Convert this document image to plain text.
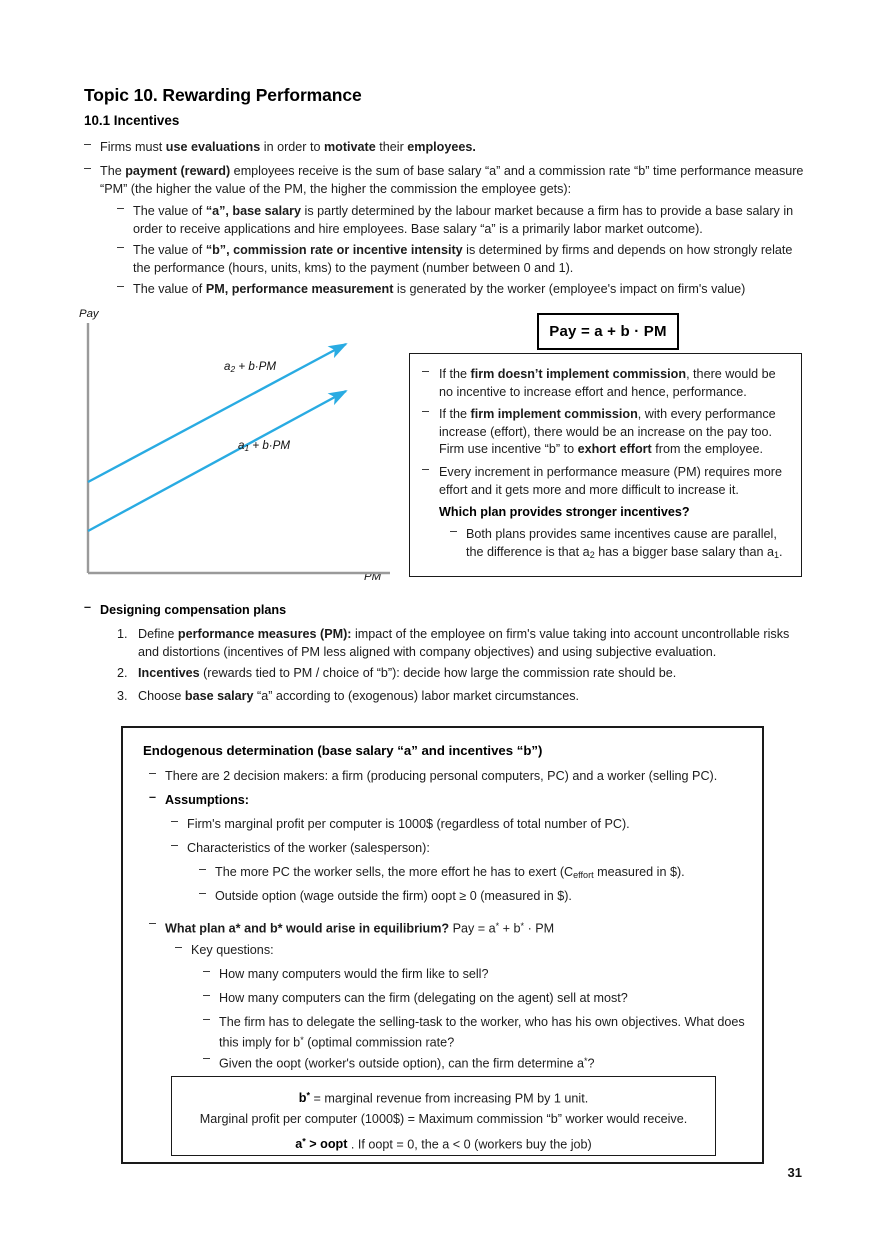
Topic 10. Rewarding Performance
10.1 Incentives
– Firms must use evaluations in order to motivate their employees.
– The payment (reward) employees receive is the sum of base salary “a” and a commission rate “b” time performance measure “PM” (the higher the value of the PM, the higher the commission the employee gets):
– The value of “a”, base salary is partly determined by the labour market because a firm has to provide a base salary in order to receive applications and hire employees. Base salary “a” is a primarily labor market outcome).
– The value of “b”, commission rate or incentive intensity is determined by firms and depends on how strongly relate the performance (hours, units, kms) to the payment (number between 0 and 1).
– The value of PM, performance measurement is generated by the worker (employee's impact on firm's value)
Pay
PM
$a_2 + b\cdot PM$
$a_1 + b\cdot PM$
Pay = a + b · PM
– If the firm doesn’t implement commission, there would be no incentive to increase effort and hence, performance.
– If the firm implement commission, with every performance increase (effort), there would be an increase on the pay too. Firm use incentive “b” to exhort effort from the employee.
– Every increment in performance measure (PM) requires more effort and it gets more and more difficult to increase it.
Which plan provides stronger incentives?
– Both plans provides same incentives cause are parallel, the difference is that $a_2$ has a bigger base salary than $a_1$.
– Designing compensation plans
1. Define performance measures (PM): impact of the employee on firm's value taking into account uncontrollable risks and distortions (incentives of PM less aligned with company objectives) and using subjective evaluation.
2. Incentives (rewards tied to PM / choice of “b”): decide how large the commission rate should be.
3. Choose base salary “a” according to (exogenous) labor market circumstances.
Endogenous determination (base salary “a” and incentives “b”)
– There are 2 decision makers: a firm (producing personal computers, PC) and a worker (selling PC).
– Assumptions:
– Firm's marginal profit per computer is 1000$ (regardless of total number of PC).
– Characteristics of the worker (salesperson):
– The more PC the worker sells, the more effort he has to exert ($C_{effort}$ measured in $).
– Outside option (wage outside the firm) oopt ≥ 0 (measured in $).
– What plan a* and b* would arise in equilibrium? Pay = a* + b* · PM
– Key questions:
– How many computers would the firm like to sell?
– How many computers can the firm (delegating on the agent) sell at most?
– The firm has to delegate the selling-task to the worker, who has his own objectives. What does this imply for b* (optimal commission rate?
– Given the oopt (worker's outside option), can the firm determine a*?
b* = marginal revenue from increasing PM by 1 unit.
Marginal profit per computer (1000$) = Maximum commission “b” worker would receive.
a* > oopt . If oopt = 0, the a < 0 (workers buy the job)
31
